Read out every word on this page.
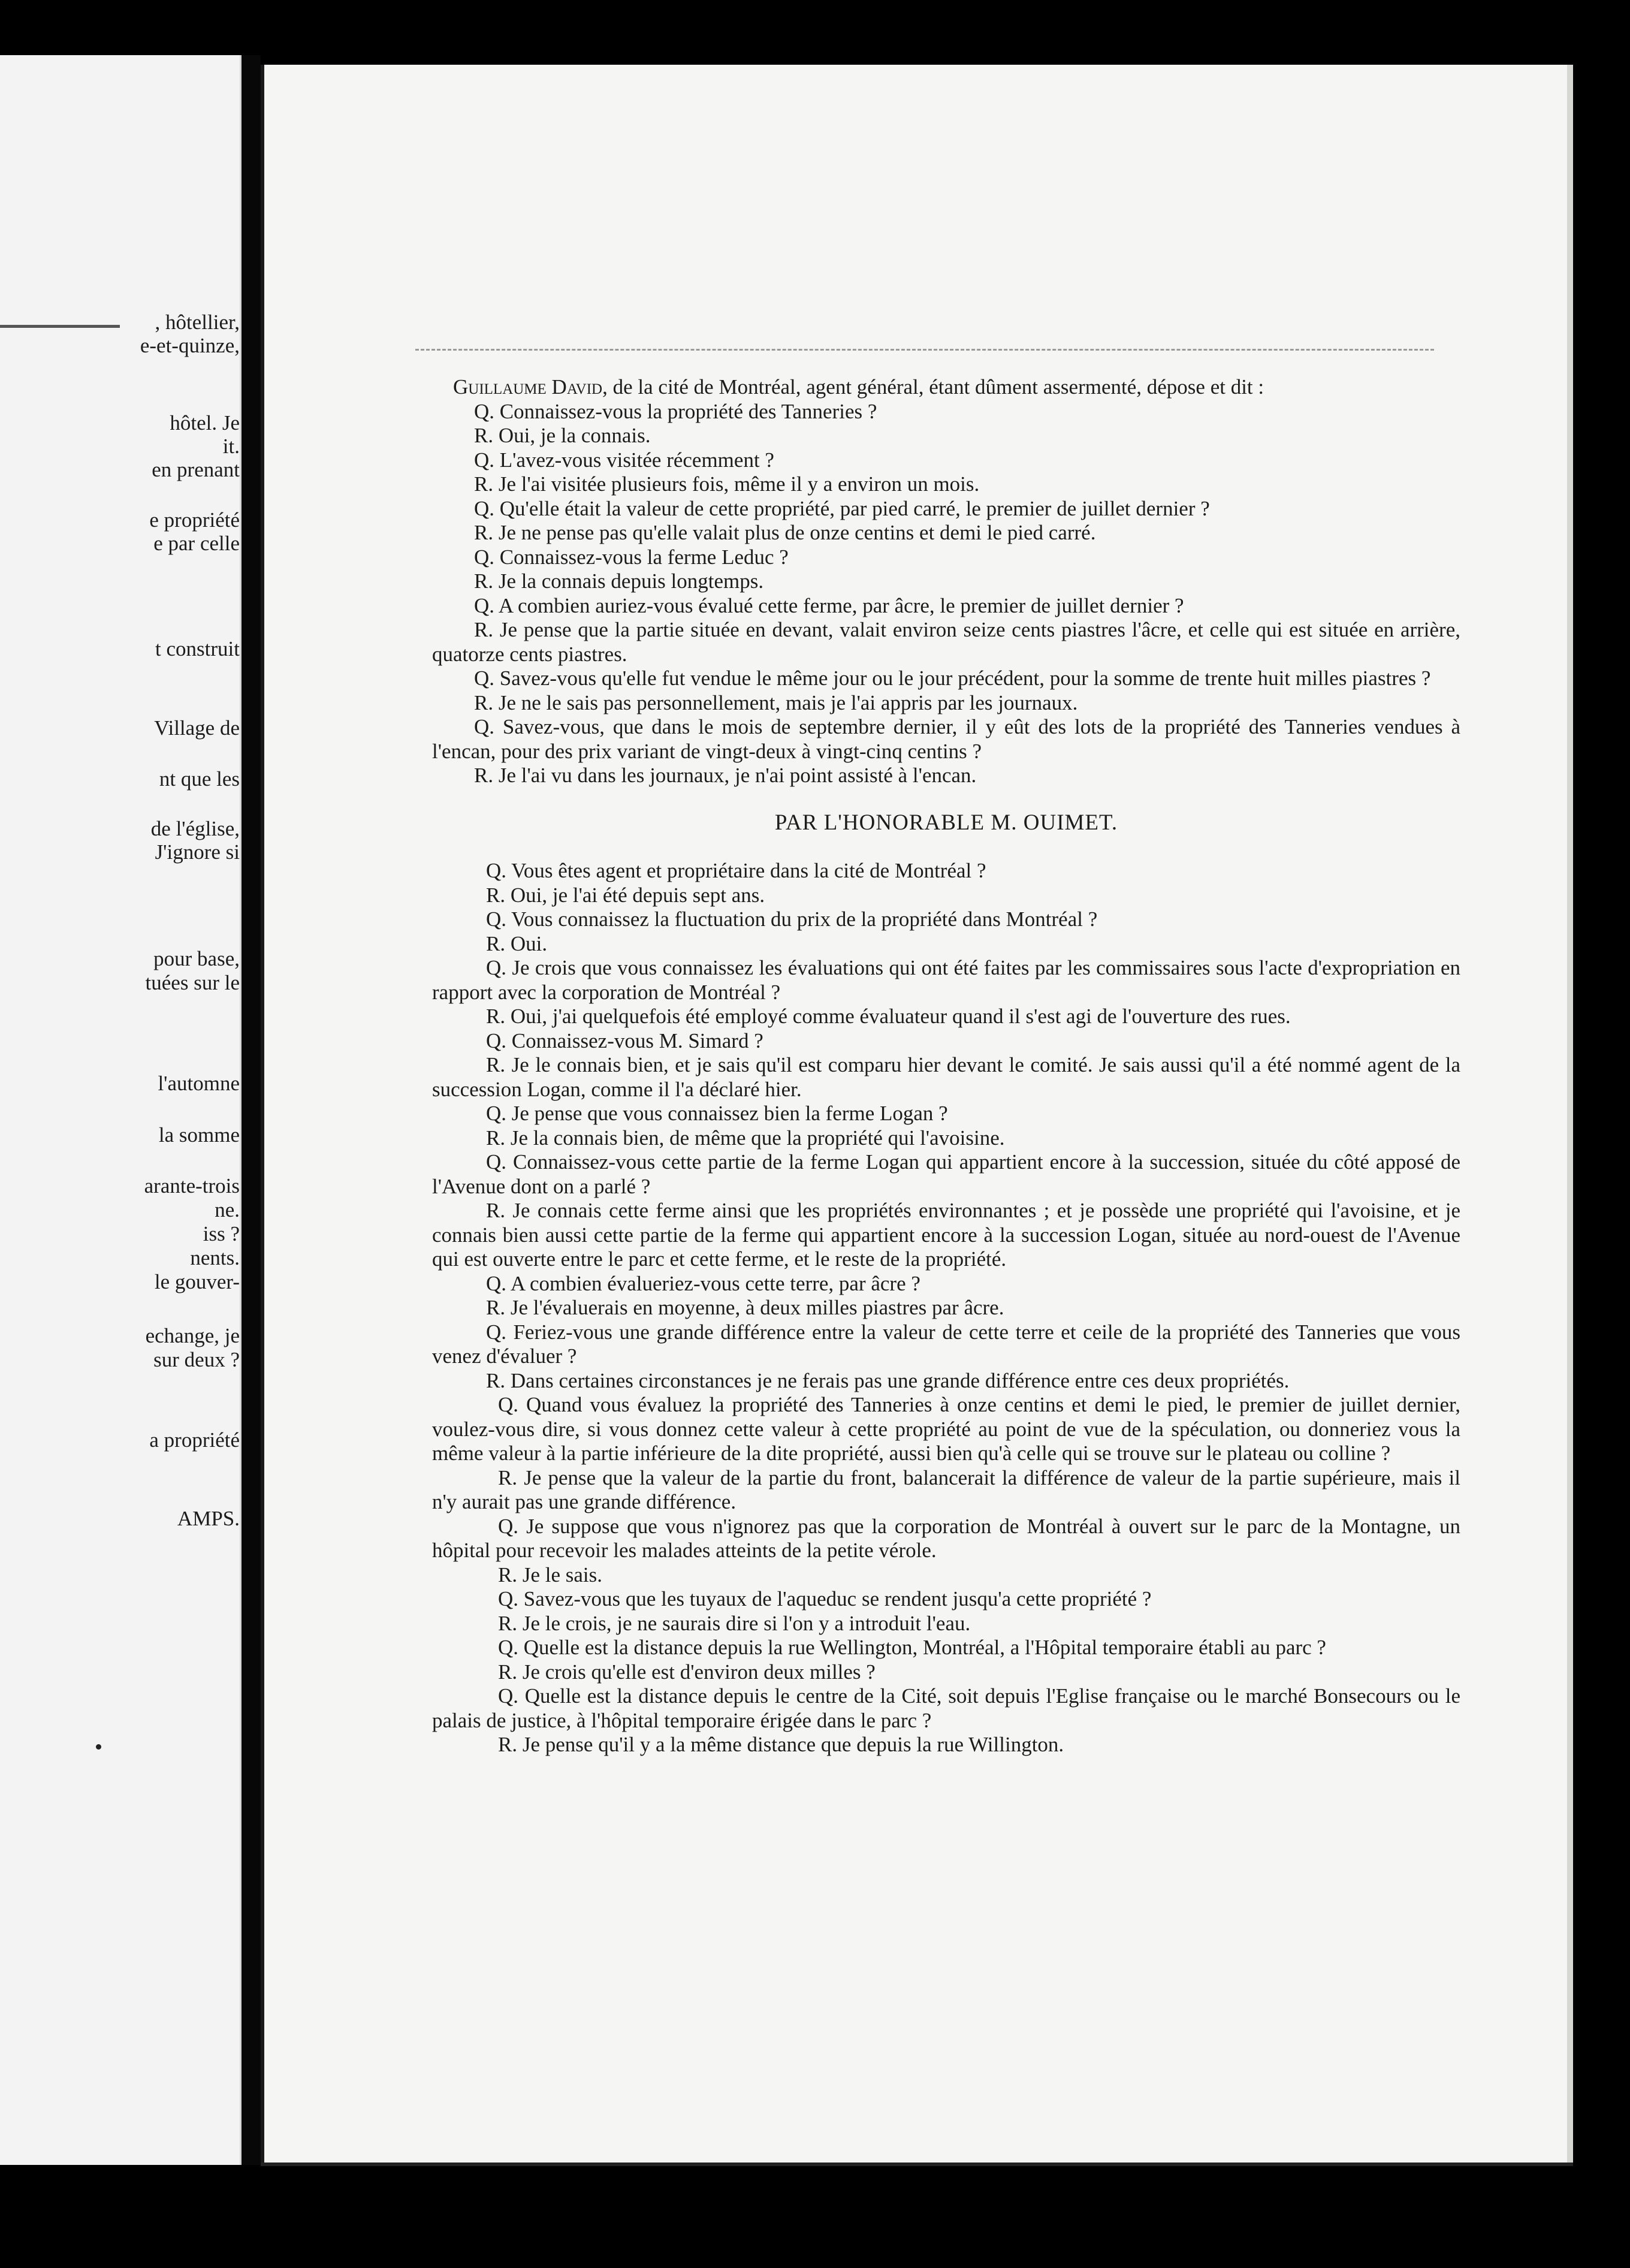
, hôtellier,

e-et-quinze,

hôtel. Je

it.

en prenant

e propriété

e par celle

t construit

Village de

nt que les

de l'église,

J'ignore si

pour base,

tuées sur le

l'automne

la somme

arante-trois

ne.

iss ?

nents.

le gouver-

echange, je

sur deux ?

a propriété

AMPS.

Guillaume David, de la cité de Montréal, agent général, étant dûment assermenté, dépose et dit :

Q. Connaissez-vous la propriété des Tanneries ?

R. Oui, je la connais.

Q. L'avez-vous visitée récemment ?

R. Je l'ai visitée plusieurs fois, même il y a environ un mois.

Q. Qu'elle était la valeur de cette propriété, par pied carré, le premier de juillet dernier ?

R. Je ne pense pas qu'elle valait plus de onze centins et demi le pied carré.

Q. Connaissez-vous la ferme Leduc ?

R. Je la connais depuis longtemps.

Q. A combien auriez-vous évalué cette ferme, par âcre, le premier de juillet dernier ?

R. Je pense que la partie située en devant, valait environ seize cents piastres l'âcre, et celle qui est située en arrière, quatorze cents piastres.

Q. Savez-vous qu'elle fut vendue le même jour ou le jour précédent, pour la somme de trente huit milles piastres ?

R. Je ne le sais pas personnellement, mais je l'ai appris par les journaux.

Q. Savez-vous, que dans le mois de septembre dernier, il y eût des lots de la propriété des Tanneries vendues à l'encan, pour des prix variant de vingt-deux à vingt-cinq centins ?

R. Je l'ai vu dans les journaux, je n'ai point assisté à l'encan.

PAR L'HONORABLE M. OUIMET.

Q. Vous êtes agent et propriétaire dans la cité de Montréal ?

R. Oui, je l'ai été depuis sept ans.

Q. Vous connaissez la fluctuation du prix de la propriété dans Montréal ?

R. Oui.

Q. Je crois que vous connaissez les évaluations qui ont été faites par les commissaires sous l'acte d'expropriation en rapport avec la corporation de Montréal ?

R. Oui, j'ai quelquefois été employé comme évaluateur quand il s'est agi de l'ouverture des rues.

Q. Connaissez-vous M. Simard ?

R. Je le connais bien, et je sais qu'il est comparu hier devant le comité. Je sais aussi qu'il a été nommé agent de la succession Logan, comme il l'a déclaré hier.

Q. Je pense que vous connaissez bien la ferme Logan ?

R. Je la connais bien, de même que la propriété qui l'avoisine.

Q. Connaissez-vous cette partie de la ferme Logan qui appartient encore à la succession, située du côté apposé de l'Avenue dont on a parlé ?

R. Je connais cette ferme ainsi que les propriétés environnantes ; et je possède une propriété qui l'avoisine, et je connais bien aussi cette partie de la ferme qui appartient encore à la succession Logan, située au nord-ouest de l'Avenue qui est ouverte entre le parc et cette ferme, et le reste de la propriété.

Q. A combien évalueriez-vous cette terre, par âcre ?

R. Je l'évaluerais en moyenne, à deux milles piastres par âcre.

Q. Feriez-vous une grande différence entre la valeur de cette terre et ceile de la propriété des Tanneries que vous venez d'évaluer ?

R. Dans certaines circonstances je ne ferais pas une grande différence entre ces deux propriétés.

Q. Quand vous évaluez la propriété des Tanneries à onze centins et demi le pied, le premier de juillet dernier, voulez-vous dire, si vous donnez cette valeur à cette propriété au point de vue de la spéculation, ou donneriez vous la même valeur à la partie inférieure de la dite propriété, aussi bien qu'à celle qui se trouve sur le plateau ou colline ?

R. Je pense que la valeur de la partie du front, balancerait la différence de valeur de la partie supérieure, mais il n'y aurait pas une grande différence.

Q. Je suppose que vous n'ignorez pas que la corporation de Montréal à ouvert sur le parc de la Montagne, un hôpital pour recevoir les malades atteints de la petite vérole.

R. Je le sais.

Q. Savez-vous que les tuyaux de l'aqueduc se rendent jusqu'a cette propriété ?

R. Je le crois, je ne saurais dire si l'on y a introduit l'eau.

Q. Quelle est la distance depuis la rue Wellington, Montréal, a l'Hôpital temporaire établi au parc ?

R. Je crois qu'elle est d'environ deux milles ?

Q. Quelle est la distance depuis le centre de la Cité, soit depuis l'Eglise française ou le marché Bonsecours ou le palais de justice, à l'hôpital temporaire érigée dans le parc ?

R. Je pense qu'il y a la même distance que depuis la rue Willington.
